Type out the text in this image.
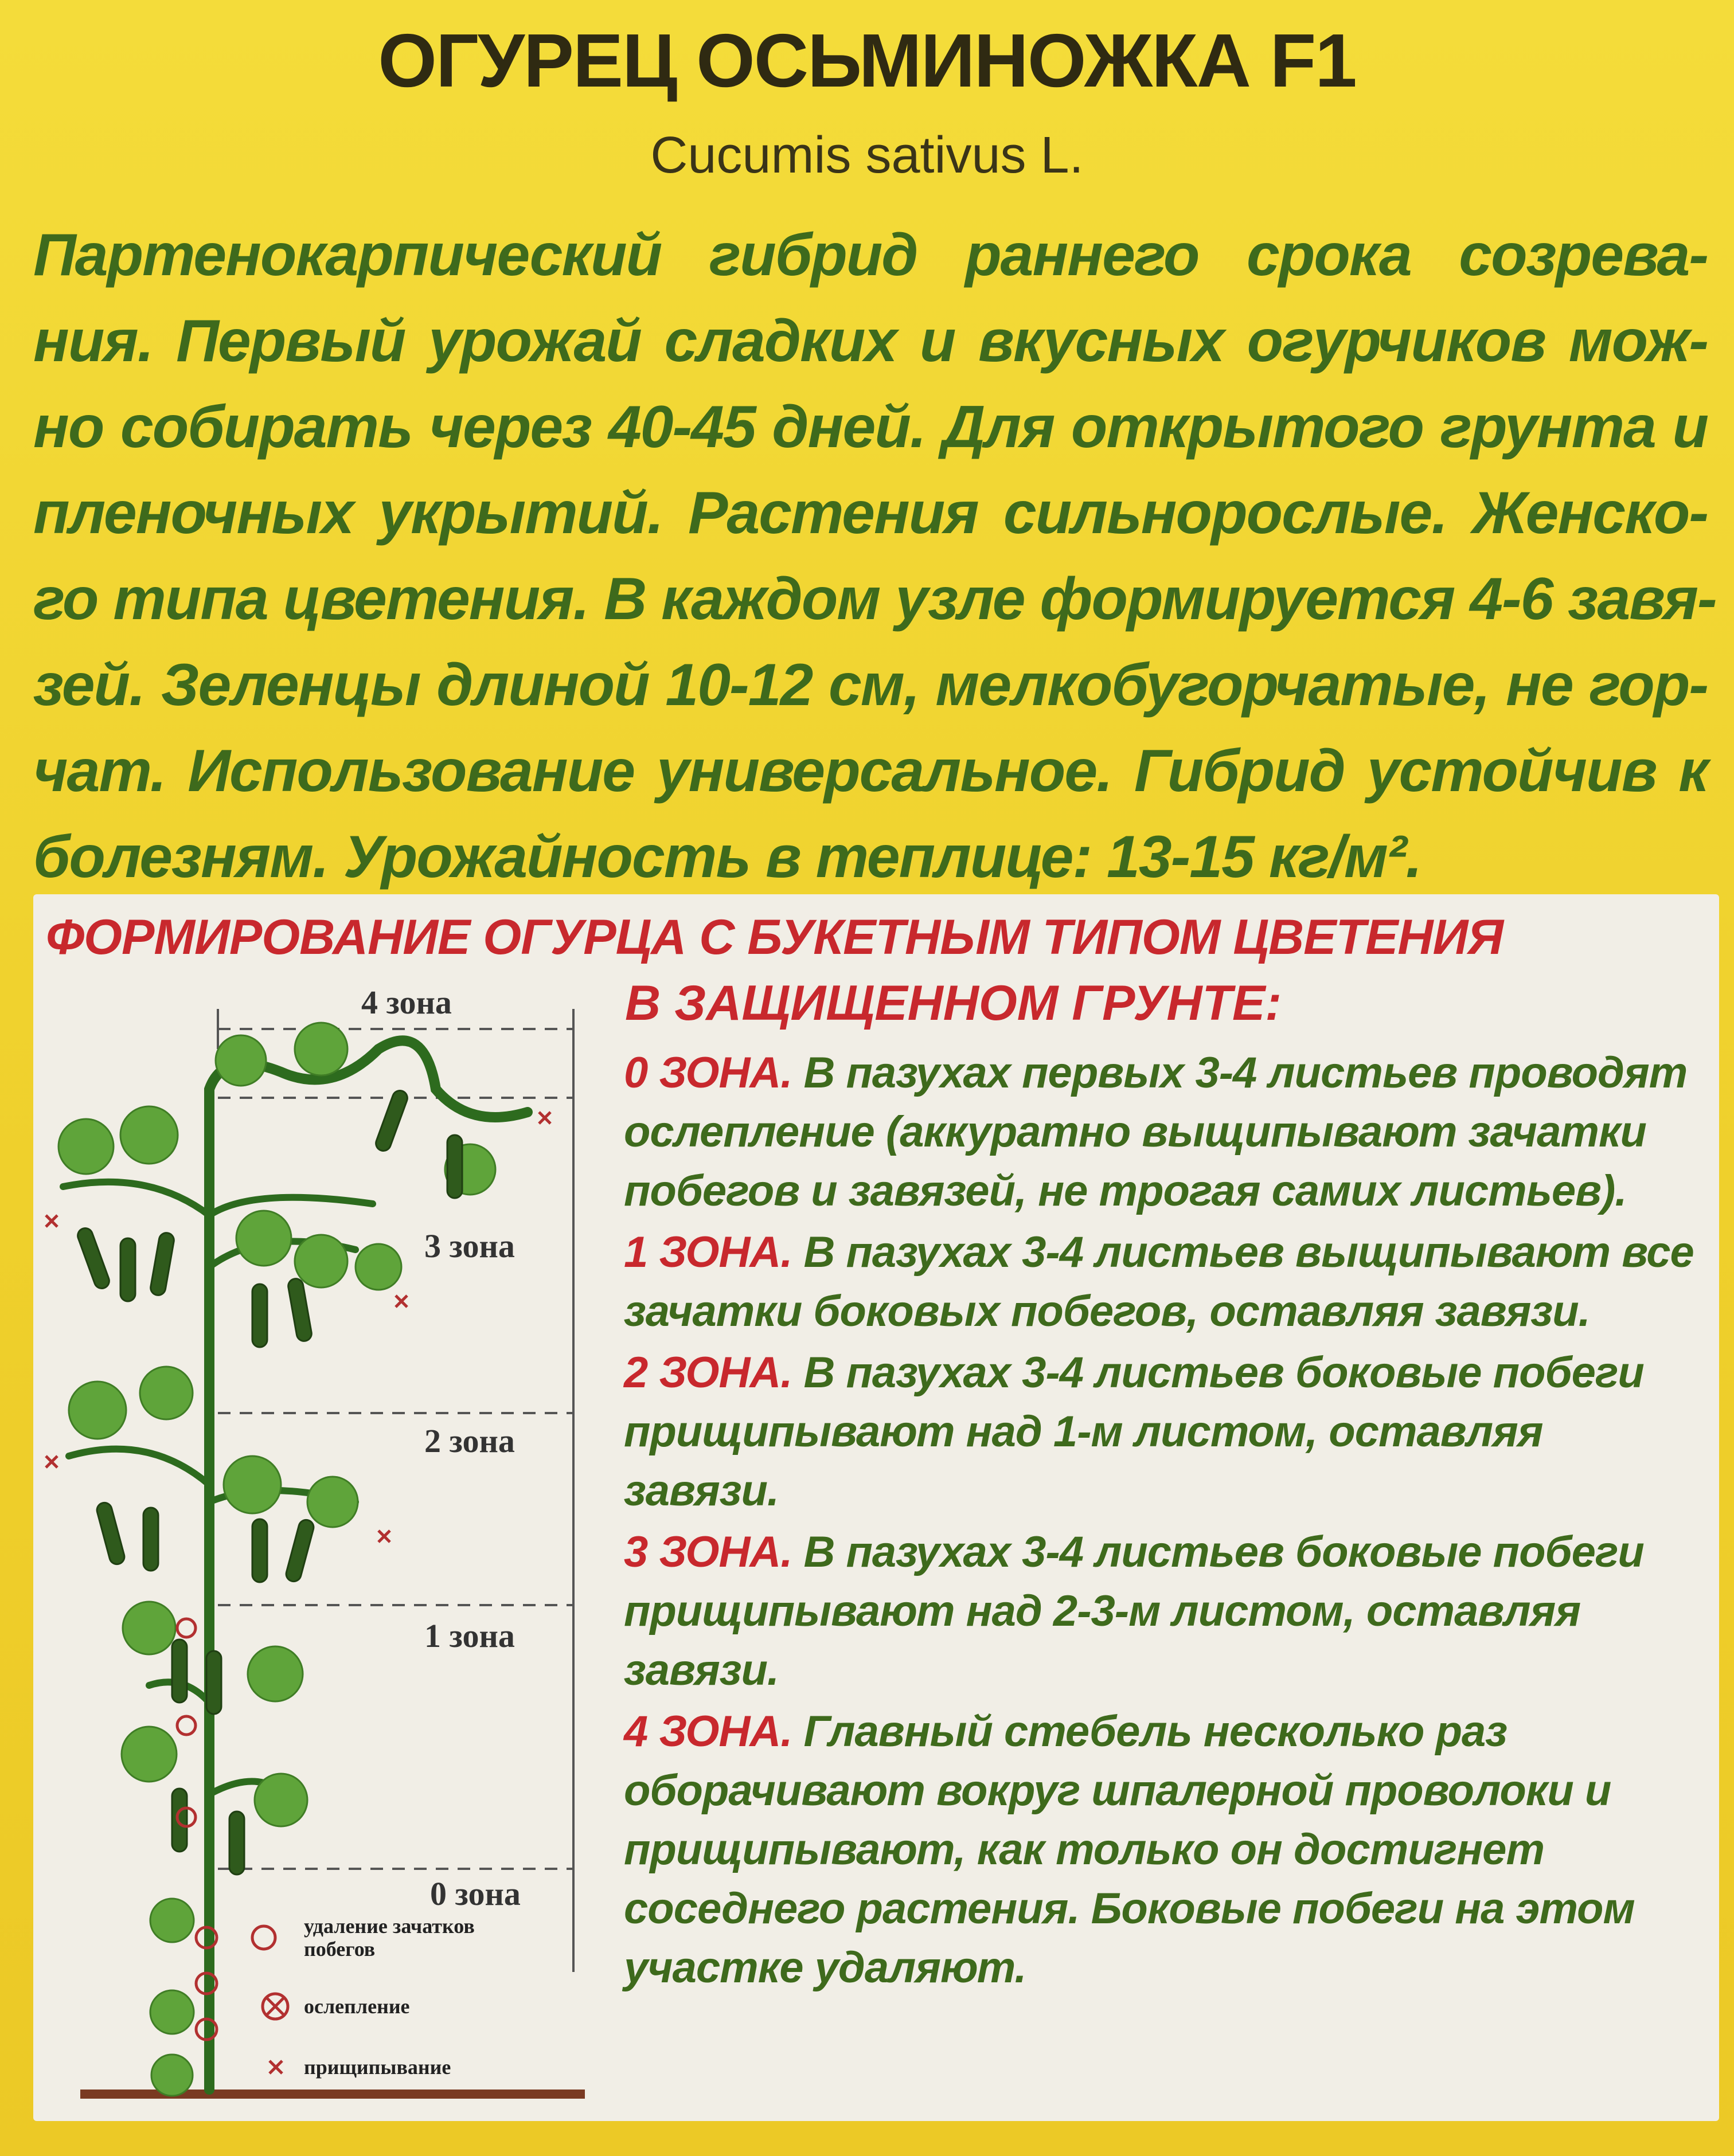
ОГУРЕЦ ОСЬМИНОЖКА F1
Cucumis sativus L.
Партенокарпический гибрид раннего срока созрева-
ния. Первый урожай сладких и вкусных огурчиков мож-
но собирать через 40-45 дней. Для открытого грунта и
пленочных укрытий. Растения сильнорослые. Женско-
го типа цветения. В каждом узле формируется 4-6 завя-
зей. Зеленцы длиной 10-12 см, мелкобугорчатые, не гор-
чат. Использование универсальное. Гибрид устойчив к
болезням. Урожайность в теплице: 13-15 кг/м².
ФОРМИРОВАНИЕ ОГУРЦА С БУКЕТНЫМ ТИПОМ ЦВЕТЕНИЯ
В ЗАЩИЩЕННОМ ГРУНТЕ:
0 ЗОНА. В пазухах первых 3-4 листьев проводят ослепление (аккуратно выщипывают зачатки побегов и завязей, не трогая самих листьев).
1 ЗОНА. В пазухах 3-4 листьев выщипывают все зачатки боковых побегов, оставляя завязи.
2 ЗОНА. В пазухах 3-4 листьев боковые побеги прищипывают над 1-м листом, оставляя завязи.
3 ЗОНА. В пазухах 3-4 листьев боковые побеги прищипывают над 2-3-м листом, оставляя завязи.
4 ЗОНА. Главный стебель несколько раз оборачивают вокруг шпалерной проволоки и прищипывают, как только он достигнет соседнего растения. Боковые побеги на этом участке удаляют.
4 зона
3 зона
2 зона
1 зона
0 зона
удаление зачатков побегов
ослепление
прищипывание
